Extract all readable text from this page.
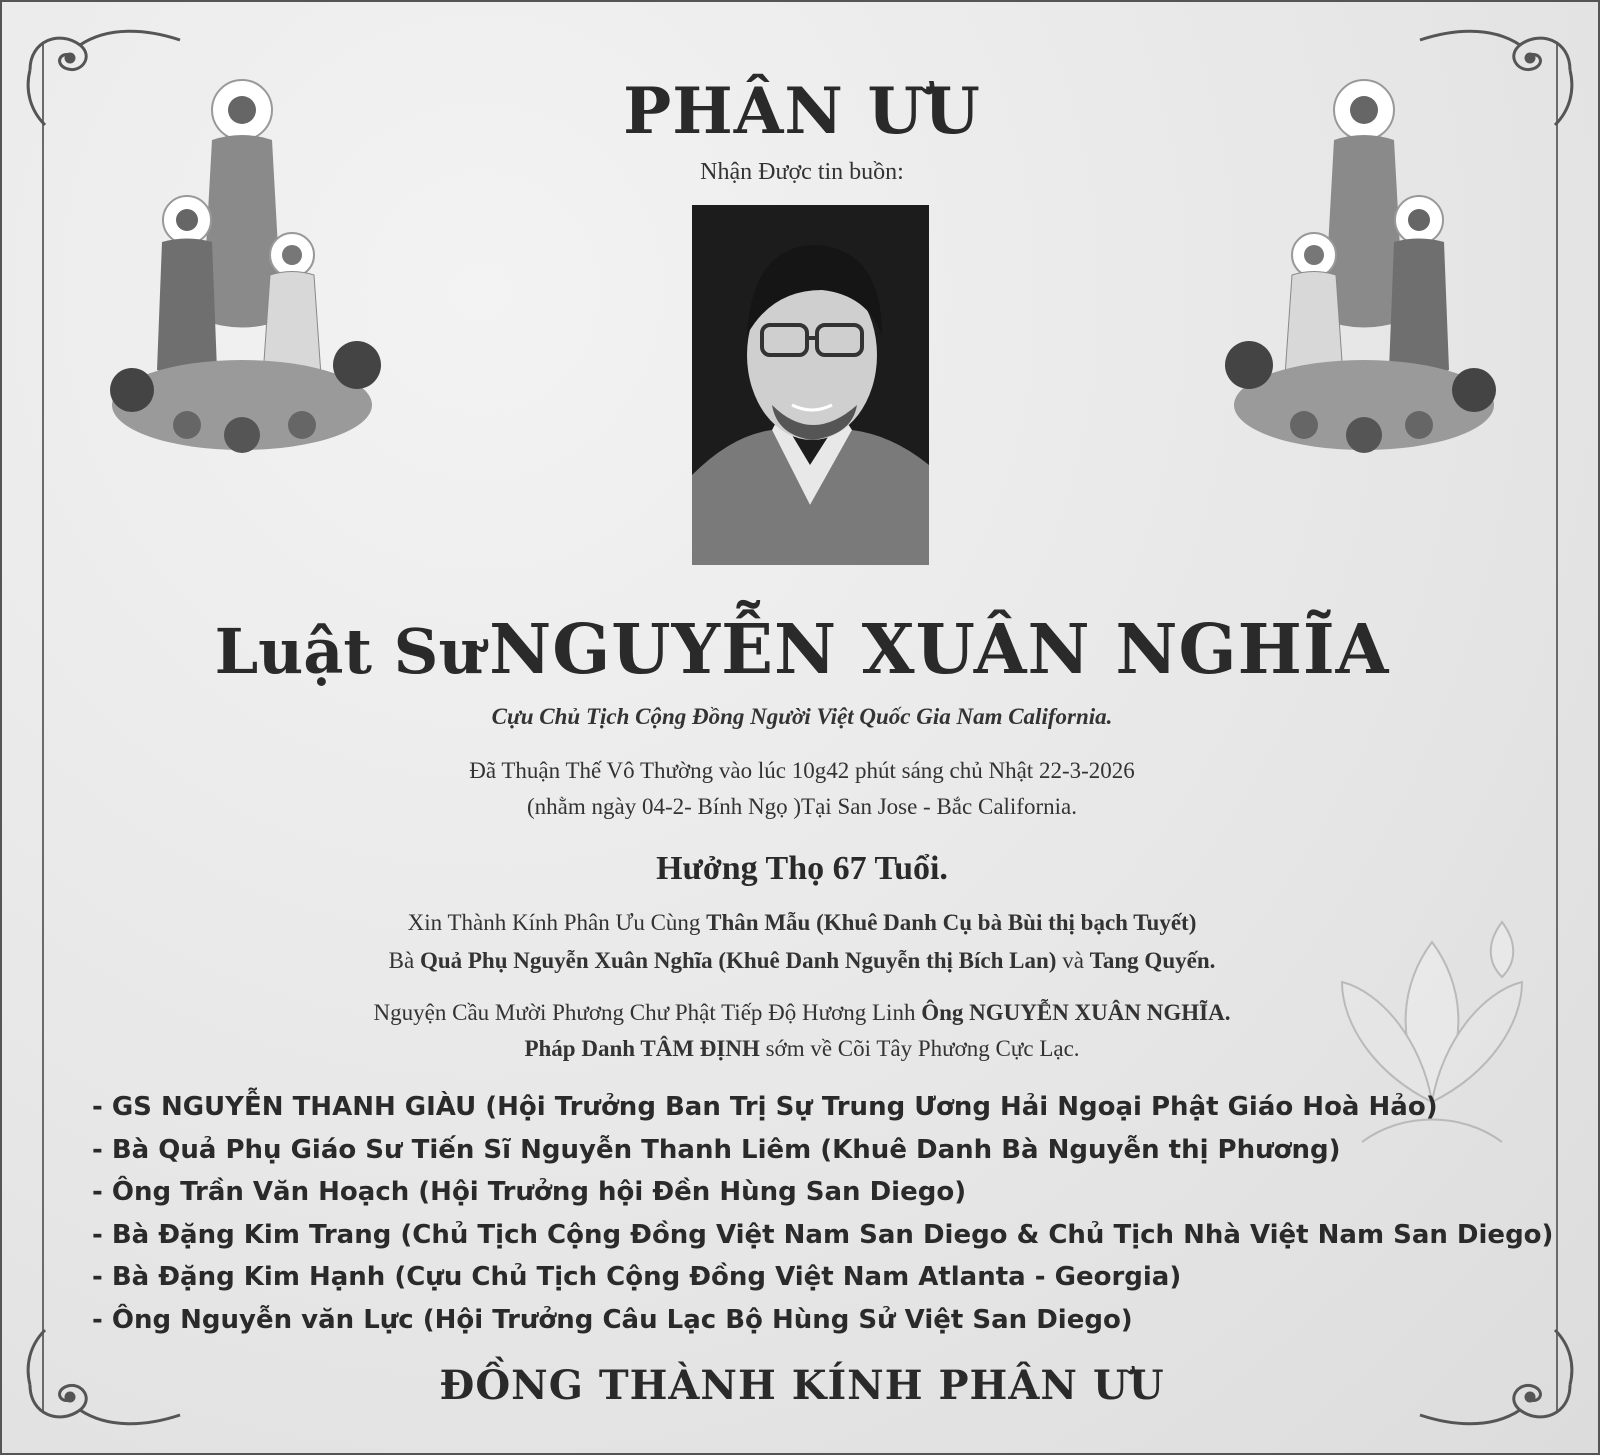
PHÂN ƯU
Nhận Được tin buồn:
Luật Sư NGUYỄN XUÂN NGHĨA
Cựu Chủ Tịch Cộng Đồng Người Việt Quốc Gia Nam California.
Đã Thuận Thế Vô Thường vào lúc 10g42 phút sáng chủ Nhật 22-3-2026
(nhằm ngày 04-2- Bính Ngọ )Tại San Jose - Bắc California.
Hưởng Thọ 67 Tuổi.
Xin Thành Kính Phân Ưu Cùng Thân Mẫu (Khuê Danh Cụ bà Bùi thị bạch Tuyết)
Bà Quả Phụ Nguyễn Xuân Nghĩa (Khuê Danh Nguyễn thị Bích Lan) và Tang Quyến.
Nguyện Cầu Mười Phương Chư Phật Tiếp Độ Hương Linh Ông NGUYỄN XUÂN NGHĨA.
Pháp Danh TÂM ĐỊNH sớm về Cõi Tây Phương Cực Lạc.
- GS NGUYỄN THANH GIÀU (Hội Trưởng Ban Trị Sự Trung Ương Hải Ngoại Phật Giáo Hoà Hảo)
- Bà Quả Phụ Giáo Sư Tiến Sĩ Nguyễn Thanh Liêm (Khuê Danh Bà Nguyễn thị Phương)
- Ông Trần Văn Hoạch (Hội Trưởng hội Đền Hùng San Diego)
- Bà Đặng Kim Trang (Chủ Tịch Cộng Đồng Việt Nam San Diego & Chủ Tịch Nhà Việt Nam San Diego)
- Bà Đặng Kim Hạnh (Cựu Chủ Tịch Cộng Đồng Việt Nam Atlanta - Georgia)
- Ông Nguyễn văn Lực (Hội Trưởng Câu Lạc Bộ Hùng Sử Việt San Diego)
ĐỒNG THÀNH KÍNH PHÂN ƯU
